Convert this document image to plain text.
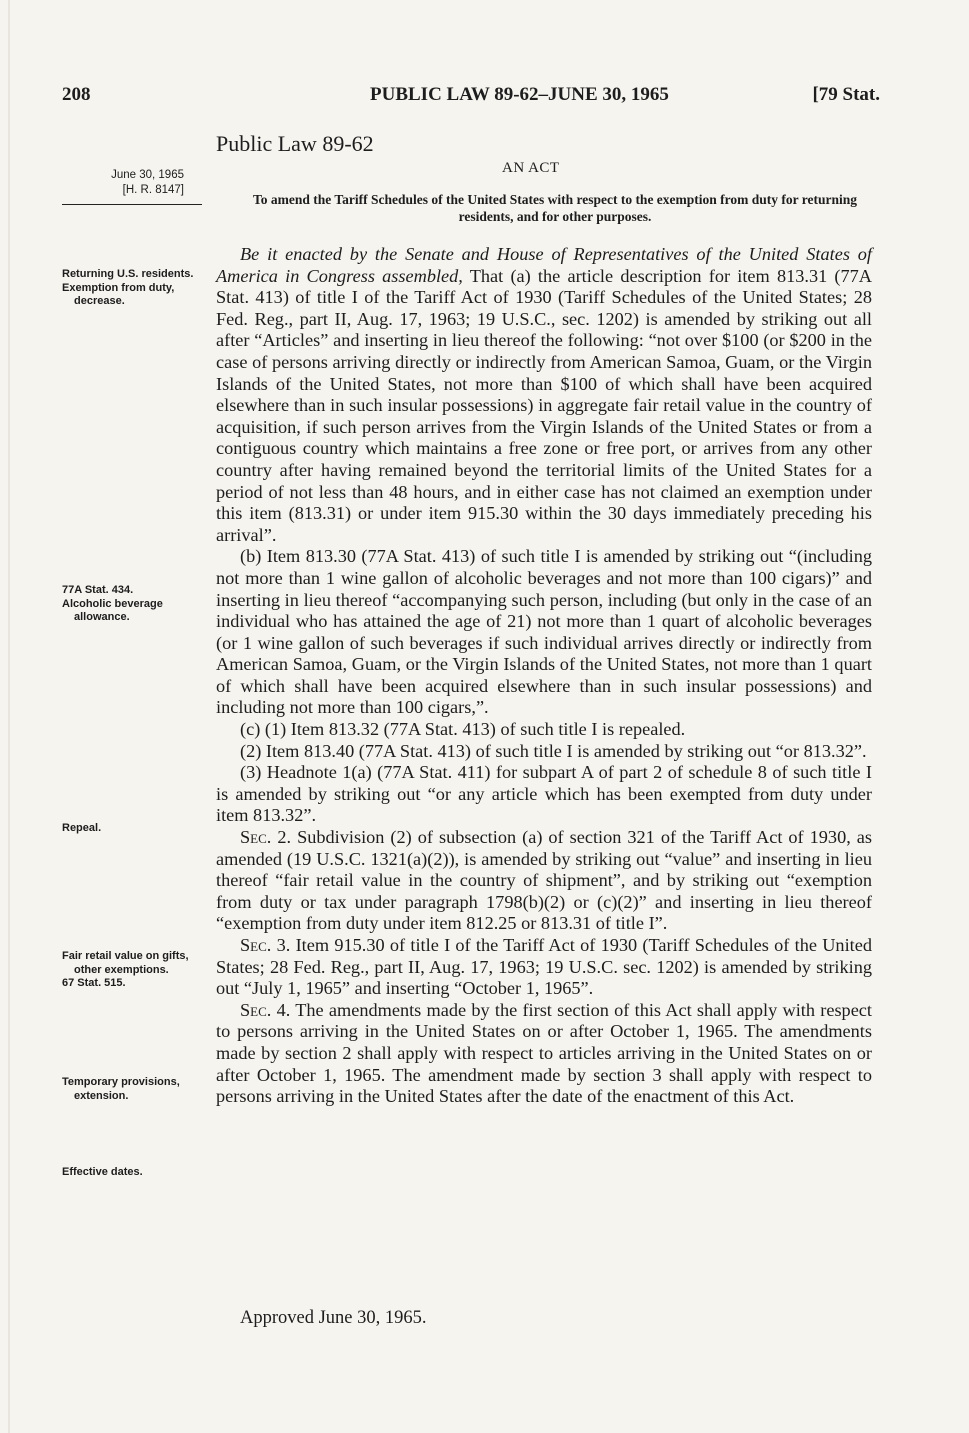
208	PUBLIC LAW 89-62–JUNE 30, 1965	[79 Stat.
Public Law 89-62
AN ACT
June 30, 1965
[H. R. 8147]
To amend the Tariff Schedules of the United States with respect to the exemption from duty for returning residents, and for other purposes.
Returning U.S. residents.
Exemption from duty, decrease.
77A Stat. 434.
Alcoholic beverage allowance.
Repeal.
Fair retail value on gifts, other exemptions.
67 Stat. 515.
Temporary provisions, extension.
Effective dates.

Be it enacted by the Senate and House of Representatives of the United States of America in Congress assembled, That (a) the article description for item 813.31 (77A Stat. 413) of title I of the Tariff Act of 1930 (Tariff Schedules of the United States; 28 Fed. Reg., part II, Aug. 17, 1963; 19 U.S.C., sec. 1202) is amended by striking out all after “Articles” and inserting in lieu thereof the following: “not over $100 (or $200 in the case of persons arriving directly or indirectly from American Samoa, Guam, or the Virgin Islands of the United States, not more than $100 of which shall have been acquired elsewhere than in such insular possessions) in aggregate fair retail value in the country of acquisition, if such person arrives from the Virgin Islands of the United States or from a contiguous country which maintains a free zone or free port, or arrives from any other country after having remained beyond the territorial limits of the United States for a period of not less than 48 hours, and in either case has not claimed an exemption under this item (813.31) or under item 915.30 within the 30 days immediately preceding his arrival”.

(b) Item 813.30 (77A Stat. 413) of such title I is amended by striking out “(including not more than 1 wine gallon of alcoholic beverages and not more than 100 cigars)” and inserting in lieu thereof “accompanying such person, including (but only in the case of an individual who has attained the age of 21) not more than 1 quart of alcoholic beverages (or 1 wine gallon of such beverages if such individual arrives directly or indirectly from American Samoa, Guam, or the Virgin Islands of the United States, not more than 1 quart of which shall have been acquired elsewhere than in such insular possessions) and including not more than 100 cigars,”.

(c) (1) Item 813.32 (77A Stat. 413) of such title I is repealed.

(2) Item 813.40 (77A Stat. 413) of such title I is amended by striking out “or 813.32”.

(3) Headnote 1(a) (77A Stat. 411) for subpart A of part 2 of schedule 8 of such title I is amended by striking out “or any article which has been exempted from duty under item 813.32”.

Sec. 2. Subdivision (2) of subsection (a) of section 321 of the Tariff Act of 1930, as amended (19 U.S.C. 1321(a)(2)), is amended by striking out “value” and inserting in lieu thereof “fair retail value in the country of shipment”, and by striking out “exemption from duty or tax under paragraph 1798(b)(2) or (c)(2)” and inserting in lieu thereof “exemption from duty under item 812.25 or 813.31 of title I”.

Sec. 3. Item 915.30 of title I of the Tariff Act of 1930 (Tariff Schedules of the United States; 28 Fed. Reg., part II, Aug. 17, 1963; 19 U.S.C. sec. 1202) is amended by striking out “July 1, 1965” and inserting “October 1, 1965”.

Sec. 4. The amendments made by the first section of this Act shall apply with respect to persons arriving in the United States on or after October 1, 1965. The amendments made by section 2 shall apply with respect to articles arriving in the United States on or after October 1, 1965. The amendment made by section 3 shall apply with respect to persons arriving in the United States after the date of the enactment of this Act.

Approved June 30, 1965.
